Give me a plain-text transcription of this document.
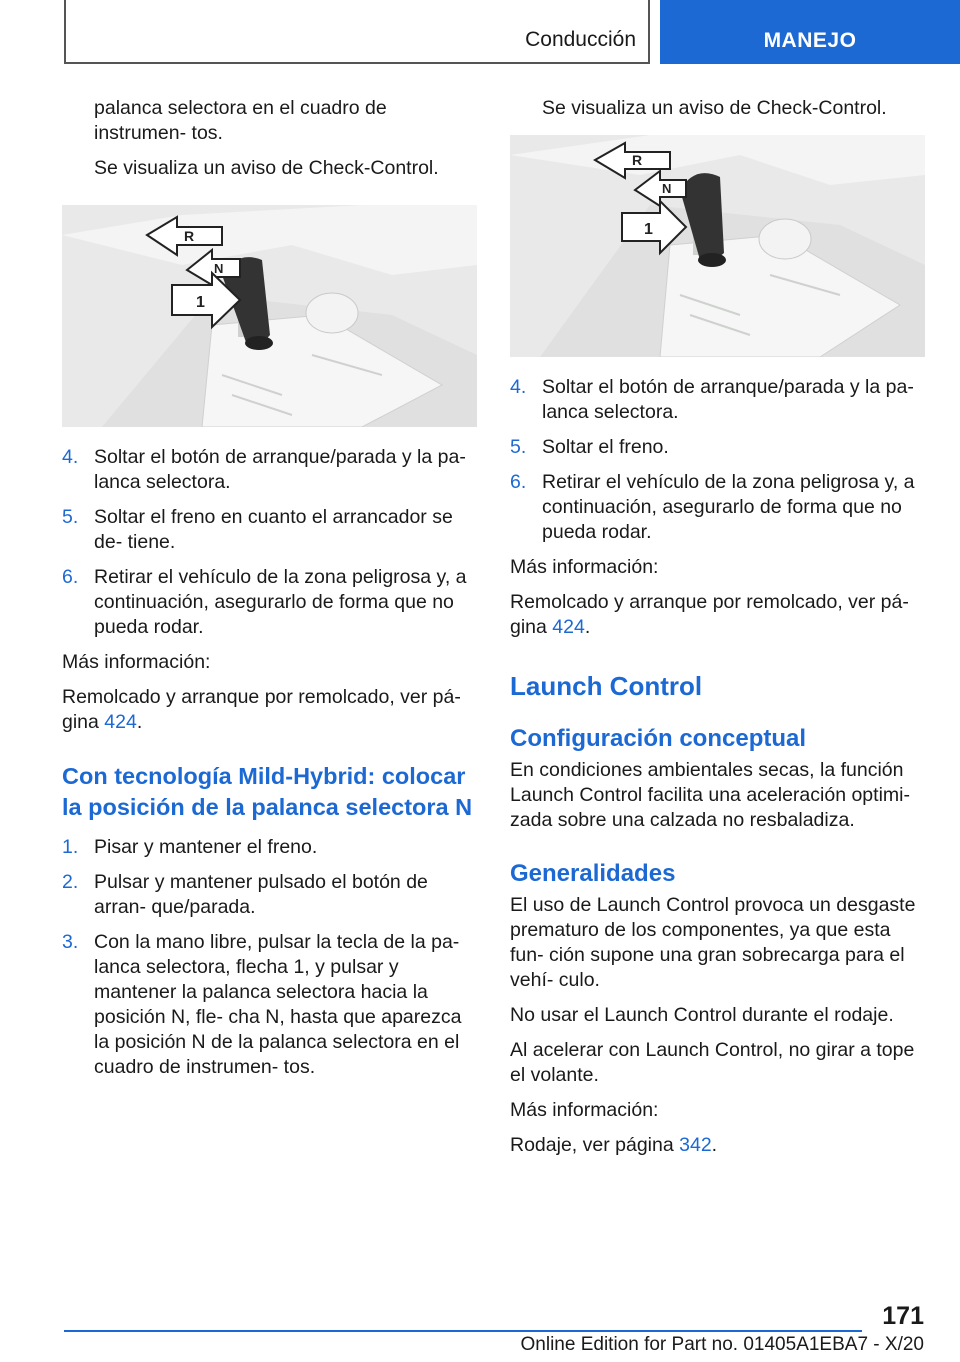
Conducción	MANEJO

palanca selectora en el cuadro de instrumen- tos.

Se visualiza un aviso de Check-Control.

R
N
1
4. Soltar el botón de arranque/parada y la pa- lanca selectora.
5. Soltar el freno en cuanto el arrancador se de- tiene.
6. Retirar el vehículo de la zona peligrosa y, a continuación, asegurarlo de forma que no pueda rodar.

Más información:

Remolcado y arranque por remolcado, ver pá- gina 424.

Con tecnología Mild-Hybrid: colocar la posición de la palanca selectora N
1. Pisar y mantener el freno.
2. Pulsar y mantener pulsado el botón de arran- que/parada.
3. Con la mano libre, pulsar la tecla de la pa- lanca selectora, flecha 1, y pulsar y mantener la palanca selectora hacia la posición N, fle- cha N, hasta que aparezca la posición N de la palanca selectora en el cuadro de instrumen- tos.

Se visualiza un aviso de Check-Control.

R
N
1
4. Soltar el botón de arranque/parada y la pa- lanca selectora.
5. Soltar el freno.
6. Retirar el vehículo de la zona peligrosa y, a continuación, asegurarlo de forma que no pueda rodar.

Más información:

Remolcado y arranque por remolcado, ver pá- gina 424.

Launch Control
Configuración conceptual

En condiciones ambientales secas, la función Launch Control facilita una aceleración optimi- zada sobre una calzada no resbaladiza.

Generalidades

El uso de Launch Control provoca un desgaste prematuro de los componentes, ya que esta fun- ción supone una gran sobrecarga para el vehí- culo.

No usar el Launch Control durante el rodaje.

Al acelerar con Launch Control, no girar a tope el volante.

Más información:

Rodaje, ver página 342.

171
Online Edition for Part no. 01405A1EBA7 - X/20
